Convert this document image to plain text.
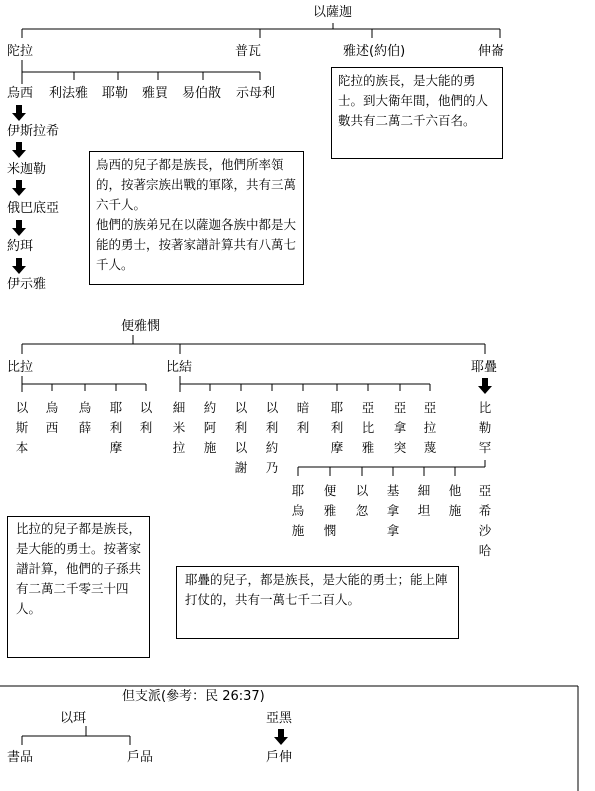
以薩迦
陀拉	普瓦	雅述(約伯)	伸崙
烏西 利法雅 耶勒 雅買 易伯散 示母利
伊斯拉希
米迦勒
俄巴底亞
約珥
伊示雅
陀拉的族長，是大能的勇士。到大衛年間，他們的人數共有二萬二千六百名。
烏西的兒子都是族長，他們所率領的，按著宗族出戰的軍隊，共有三萬六千人。
他們的族弟兄在以薩迦各族中都是大能的勇士，按著家譜計算共有八萬七千人。
便雅憫
比拉	比結	耶疊
以斯本
烏西
烏薛
耶利摩
以利
細米拉
約阿施
以利以謝
以利約乃
暗利
耶利摩
亞比雅
亞拿突
亞拉蔑
比勒罕
耶烏施
便雅憫
以忽
基拿拿
細坦
他施
亞希沙哈
比拉的兒子都是族長，是大能的勇士。按著家譜計算，他們的子孫共有二萬二千零三十四人。
耶疊的兒子，都是族長，是大能的勇士；能上陣打仗的，共有一萬七千二百人。
但支派(參考：民 26:37)
以珥
書品	戶品
亞黑
戶伸
